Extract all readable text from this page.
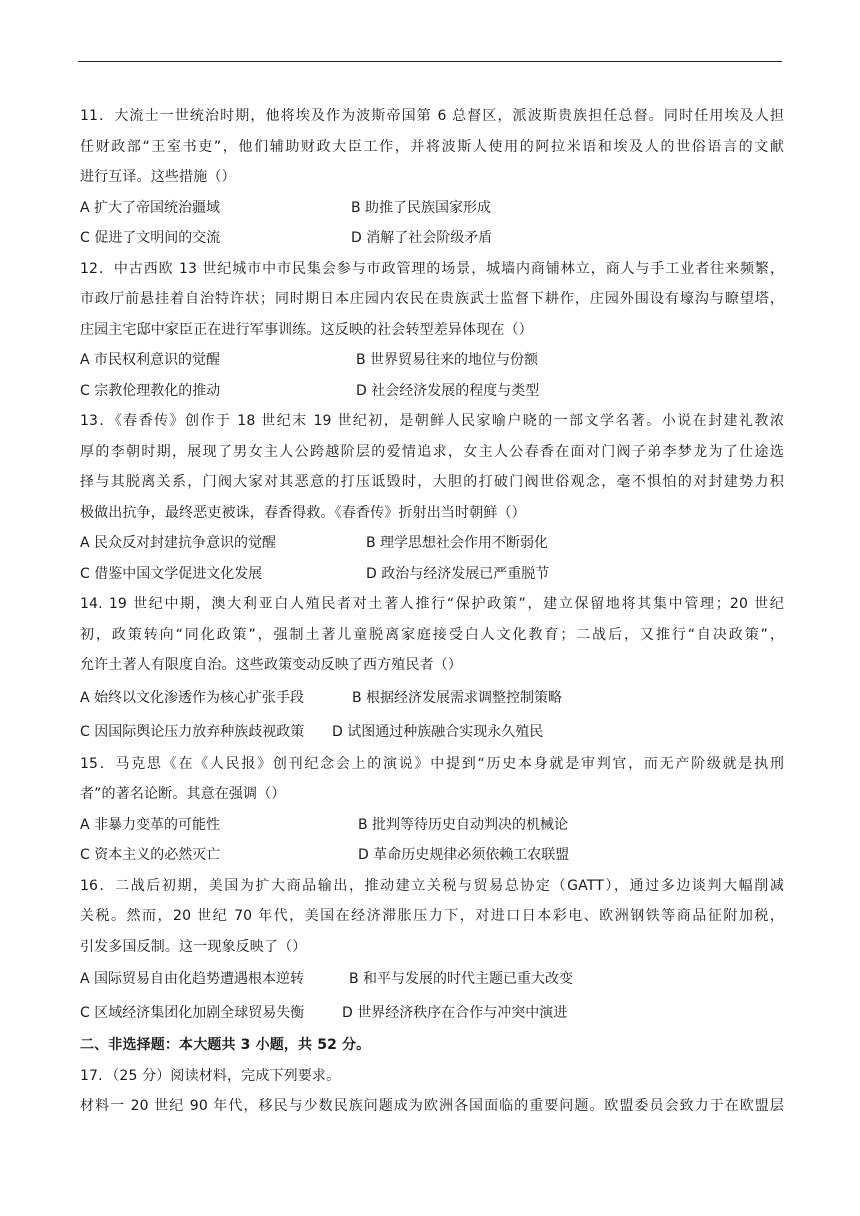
11．大流士一世统治时期，他将埃及作为波斯帝国第 6 总督区，派波斯贵族担任总督。同时任用埃及人担
任财政部“王室书吏”，他们辅助财政大臣工作，并将波斯人使用的阿拉米语和埃及人的世俗语言的文献
进行互译。这些措施（）
A 扩大了帝国统治疆域	B 助推了民族国家形成
C 促进了文明间的交流	D 消解了社会阶级矛盾
12．中古西欧 13 世纪城市中市民集会参与市政管理的场景，城墙内商铺林立，商人与手工业者往来频繁，
市政厅前悬挂着自治特许状；同时期日本庄园内农民在贵族武士监督下耕作，庄园外围设有壕沟与瞭望塔，
庄园主宅邸中家臣正在进行军事训练。这反映的社会转型差异体现在（）
A 市民权利意识的觉醒	B 世界贸易往来的地位与份额
C 宗教伦理教化的推动	D 社会经济发展的程度与类型
13．《春香传》创作于 18 世纪末 19 世纪初，是朝鲜人民家喻户晓的一部文学名著。小说在封建礼教浓
厚的李朝时期，展现了男女主人公跨越阶层的爱情追求，女主人公春香在面对门阀子弟李梦龙为了仕途选
择与其脱离关系，门阀大家对其恶意的打压诋毁时，大胆的打破门阀世俗观念，毫不惧怕的对封建势力积
极做出抗争，最终恶吏被诛，春香得救。《春香传》折射出当时朝鲜（）
A 民众反对封建抗争意识的觉醒	B 理学思想社会作用不断弱化
C 借鉴中国文学促进文化发展	D 政治与经济发展已严重脱节
14. 19 世纪中期，澳大利亚白人殖民者对土著人推行“保护政策”，建立保留地将其集中管理；20 世纪
初，政策转向“同化政策”，强制土著儿童脱离家庭接受白人文化教育；二战后，又推行“自决政策”，
允许土著人有限度自治。这些政策变动反映了西方殖民者（）
A 始终以文化渗透作为核心扩张手段	B 根据经济发展需求调整控制策略
C 因国际舆论压力放弃种族歧视政策 D 试图通过种族融合实现永久殖民
15．马克思《在《人民报》创刊纪念会上的演说》中提到“历史本身就是审判官，而无产阶级就是执刑
者”的著名论断。其意在强调（）
A 非暴力变革的可能性	B 批判等待历史自动判决的机械论
C 资本主义的必然灭亡	D 革命历史规律必须依赖工农联盟
16．二战后初期，美国为扩大商品输出，推动建立关税与贸易总协定（GATT），通过多边谈判大幅削减
关税。然而，20 世纪 70 年代，美国在经济滞胀压力下，对进口日本彩电、欧洲钢铁等商品征附加税，
引发多国反制。这一现象反映了（）
A 国际贸易自由化趋势遭遇根本逆转	B 和平与发展的时代主题已重大改变
C 区域经济集团化加剧全球贸易失衡	D 世界经济秩序在合作与冲突中演进
二、非选择题：本大题共 3 小题，共 52 分。
17．（25 分）阅读材料，完成下列要求。
材料一 20 世纪 90 年代，移民与少数民族问题成为欧洲各国面临的重要问题。欧盟委员会致力于在欧盟层
